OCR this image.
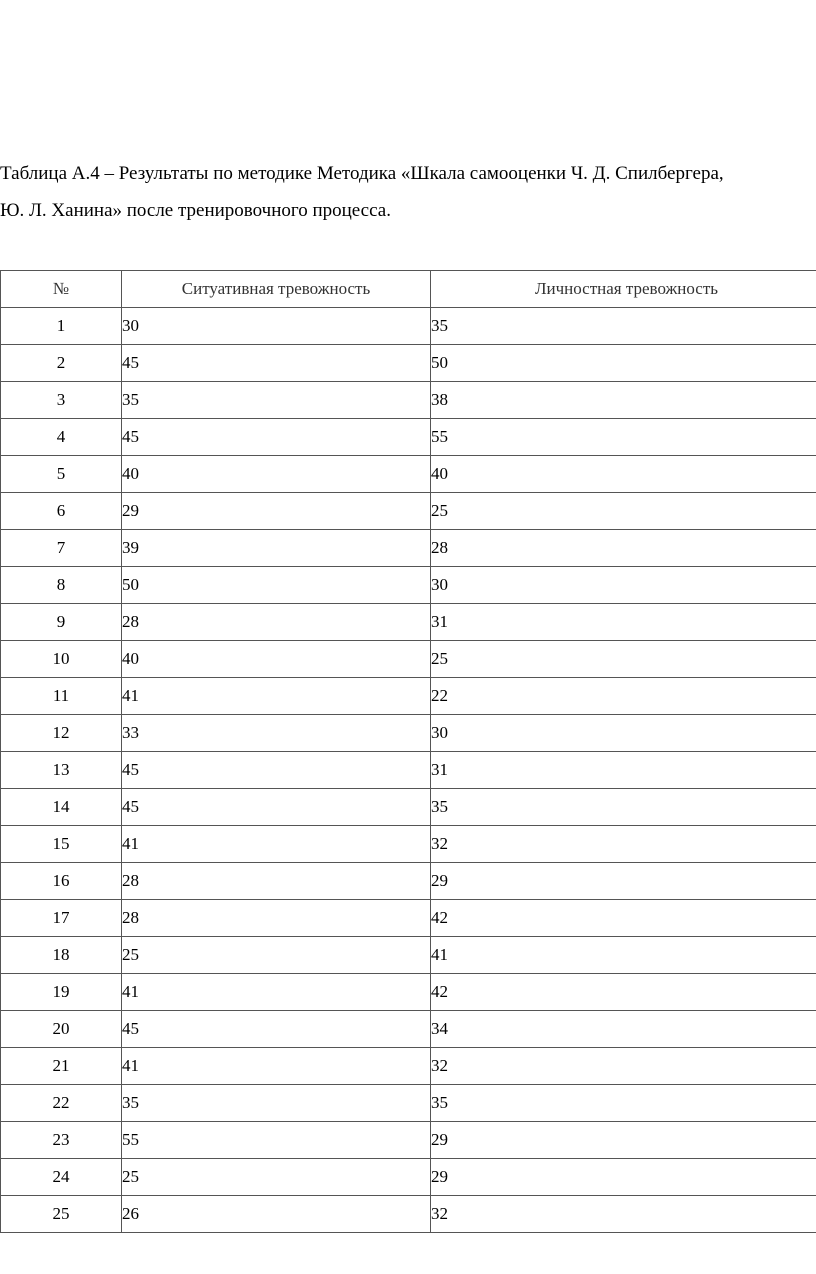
Таблица А.4 – Результаты по методике Методика «Шкала самооценки Ч. Д. Спилбергера,
Ю. Л. Ханина» после тренировочного процесса.
№	Ситуативная тревожность	Личностная тревожность
1	30	35
2	45	50
3	35	38
4	45	55
5	40	40
6	29	25
7	39	28
8	50	30
9	28	31
10	40	25
11	41	22
12	33	30
13	45	31
14	45	35
15	41	32
16	28	29
17	28	42
18	25	41
19	41	42
20	45	34
21	41	32
22	35	35
23	55	29
24	25	29
25	26	32
